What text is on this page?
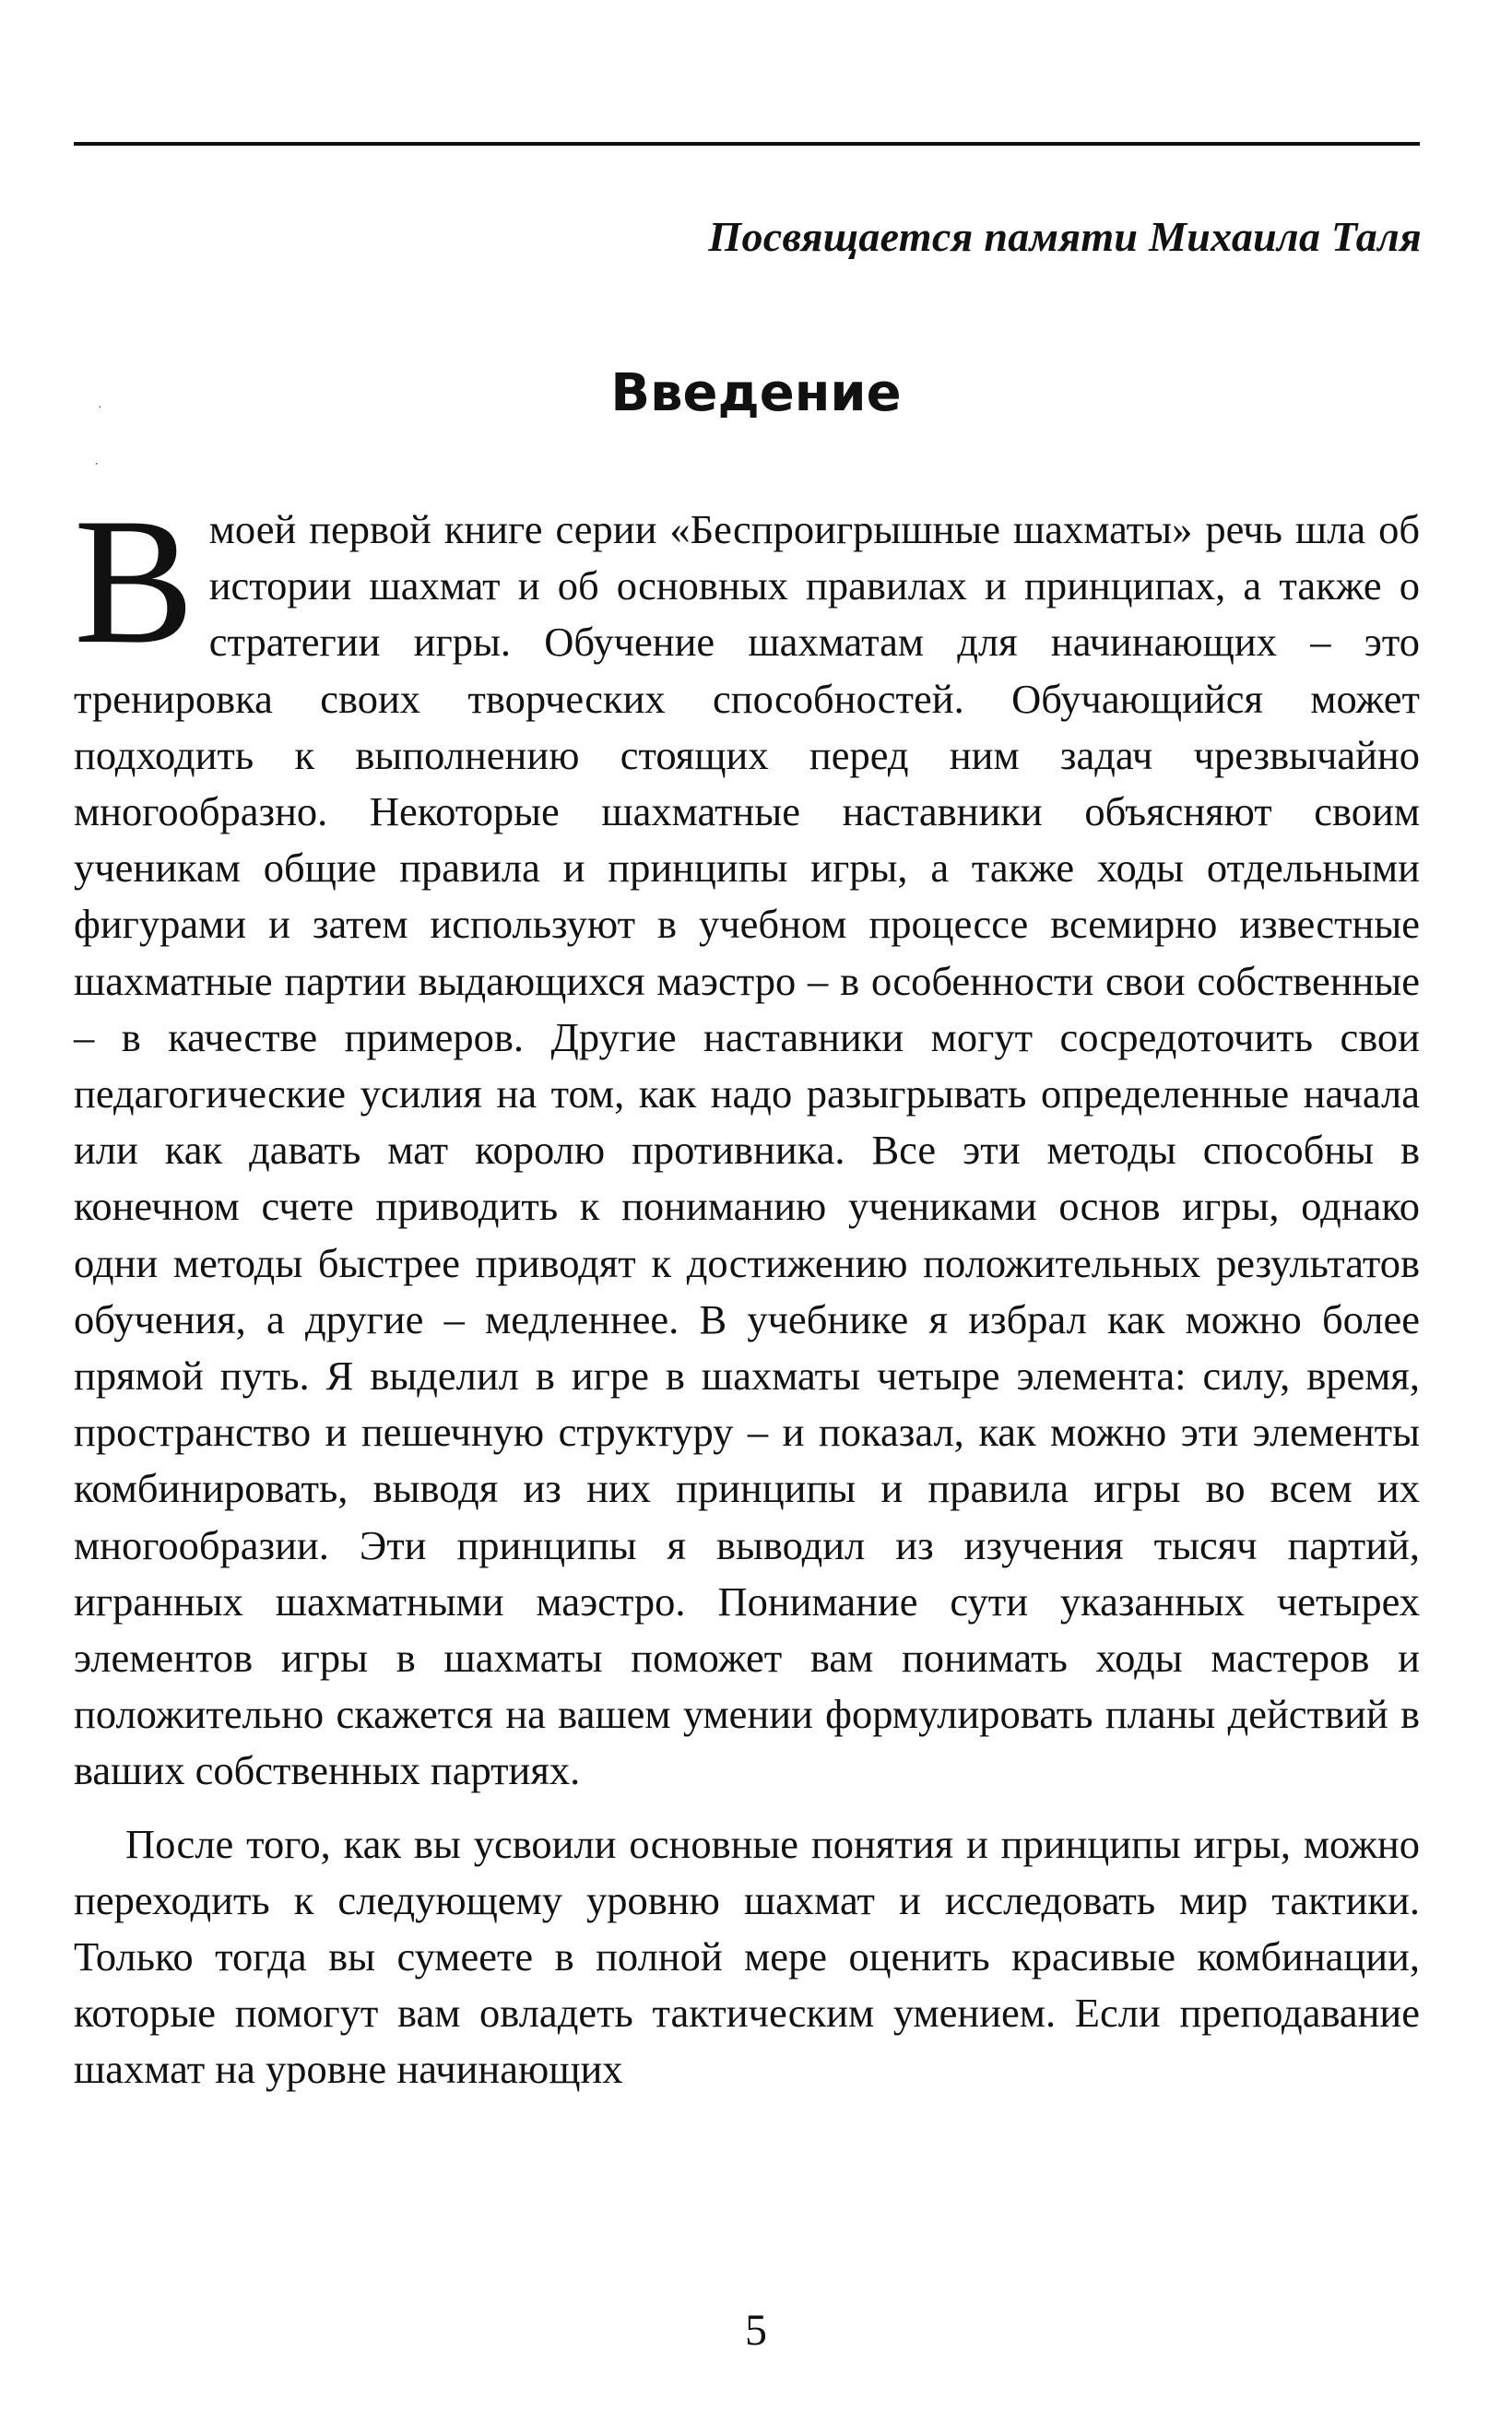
Посвящается памяти Михаила Таля
Введение
·
ˏ

В моей первой книге серии «Беспроигрышные шахматы» речь шла об истории шахмат и об основных правилах и принципах, а также о стратегии игры. Обучение шахматам для начинающих – это тренировка своих творческих способностей. Обучающийся может подходить к выполнению стоящих перед ним задач чрезвычайно многообразно. Некоторые шахматные наставники объясняют своим ученикам общие правила и принципы игры, а также ходы отдельными фигурами и затем используют в учебном процессе всемирно известные шахматные партии выдающихся маэстро – в особенности свои собственные – в качестве примеров. Другие наставники могут сосредоточить свои педагогические усилия на том, как надо разыгрывать определенные начала или как давать мат королю противника. Все эти методы способны в конечном счете приводить к пониманию учениками основ игры, однако одни методы быстрее приводят к достижению положительных результатов обучения, а другие – медленнее. В учебнике я избрал как можно более прямой путь. Я выделил в игре в шахматы четыре элемента: силу, время, пространство и пешечную структуру – и показал, как можно эти элементы комбинировать, выводя из них принципы и правила игры во всем их многообразии. Эти принципы я выводил из изучения тысяч партий, игранных шахматными маэстро. Понимание сути указанных четырех элементов игры в шахматы поможет вам понимать ходы мастеров и положительно скажется на вашем умении формулировать планы действий в ваших собственных партиях.

После того, как вы усвоили основные понятия и принципы игры, можно переходить к следующему уровню шахмат и исследовать мир тактики. Только тогда вы сумеете в полной мере оценить красивые комбинации, которые помогут вам овладеть тактическим умением. Если преподавание шахмат на уровне начинающих

5
